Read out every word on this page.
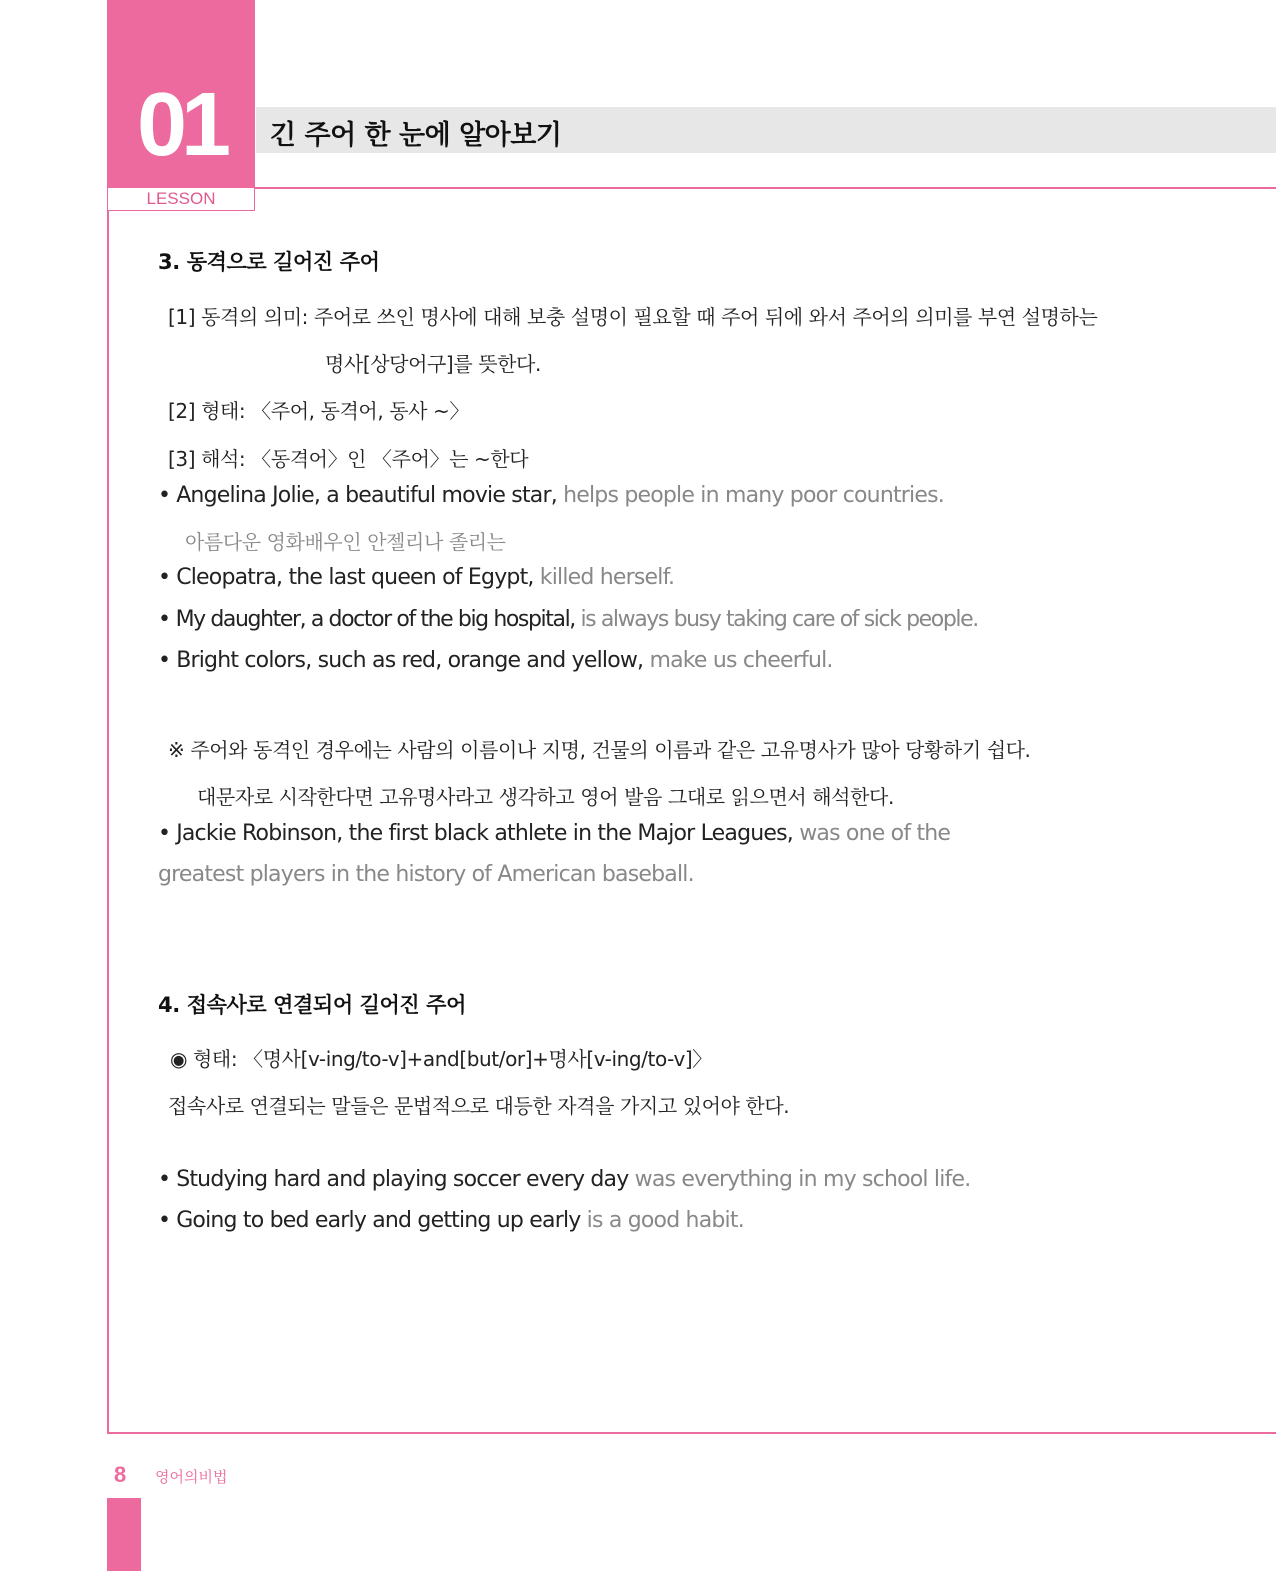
01
LESSON
긴 주어 한 눈에 알아보기
3. 동격으로 길어진 주어
[1] 동격의 의미: 주어로 쓰인 명사에 대해 보충 설명이 필요할 때 주어 뒤에 와서 주어의 의미를 부연 설명하는
명사[상당어구]를 뜻한다.
[2] 형태: 〈주어, 동격어, 동사 ~〉
[3] 해석: 〈동격어〉인 〈주어〉는 ~한다
• Angelina Jolie, a beautiful movie star, helps people in many poor countries.
아름다운 영화배우인 안젤리나 졸리는
• Cleopatra, the last queen of Egypt, killed herself.
• My daughter, a doctor of the big hospital, is always busy taking care of sick people.
• Bright colors, such as red, orange and yellow, make us cheerful.
※ 주어와 동격인 경우에는 사람의 이름이나 지명, 건물의 이름과 같은 고유명사가 많아 당황하기 쉽다.
대문자로 시작한다면 고유명사라고 생각하고 영어 발음 그대로 읽으면서 해석한다.
• Jackie Robinson, the first black athlete in the Major Leagues, was one of the
greatest players in the history of American baseball.
4. 접속사로 연결되어 길어진 주어
◉ 형태: 〈명사[v-ing/to-v]+and[but/or]+명사[v-ing/to-v]〉
접속사로 연결되는 말들은 문법적으로 대등한 자격을 가지고 있어야 한다.
• Studying hard and playing soccer every day was everything in my school life.
• Going to bed early and getting up early is a good habit.
8 영어의비법
